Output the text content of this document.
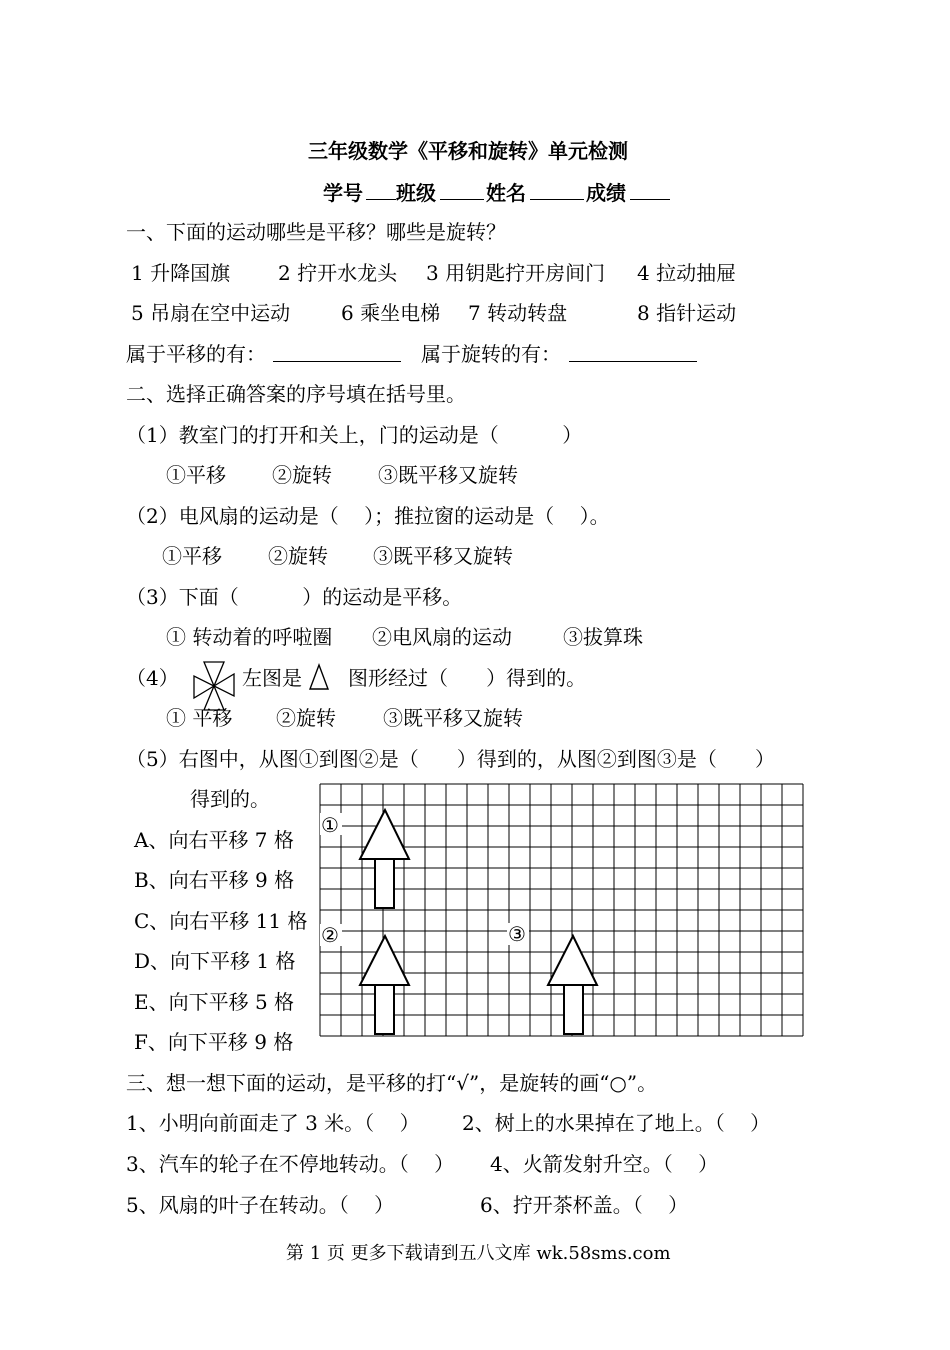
三年级数学《平移和旋转》单元检测
学号 班级	姓名	成绩
一、下面的运动哪些是平移？哪些是旋转？
1 升降国旗 2 拧开水龙头 3 用钥匙拧开房间门 4 拉动抽屉
5 吊扇在空中运动	6 乘坐电梯 7 转动转盘	8 指针运动
属于平移的有：	属于旋转的有：
二、选择正确答案的序号填在括号里。
（1）教室门的打开和关上，门的运动是（          ）
①平移 ②旋转 ③既平移又旋转
（2）电风扇的运动是（    ）；推拉窗的运动是（    ）。
①平移 ②旋转 ③既平移又旋转
（3）下面（          ）的运动是平移。
① 转动着的呼啦圈 ②电风扇的运动	③拔算珠
（4）	左图是 图形经过（      ）得到的。
① 平移 ②旋转 ③既平移又旋转
（5）右图中，从图①到图②是（      ）得到的，从图②到图③是（      ）
得到的。
A、向右平移 7 格
B、向右平移 9 格
C、向右平移 11 格
D、向下平移 1 格
E、向下平移 5 格
F、向下平移 9 格
①
②	③
三、想一想下面的运动，是平移的打“√”，是旋转的画“○”。
1、小明向前面走了 3 米。（    ） 2、树上的水果掉在了地上。（    ）
3、汽车的轮子在不停地转动。（    ） 4、火箭发射升空。（    ）
5、风扇的叶子在转动。（    ）	6、拧开茶杯盖。（    ）
第 1 页 更多下载请到五八文库 wk.58sms.com
